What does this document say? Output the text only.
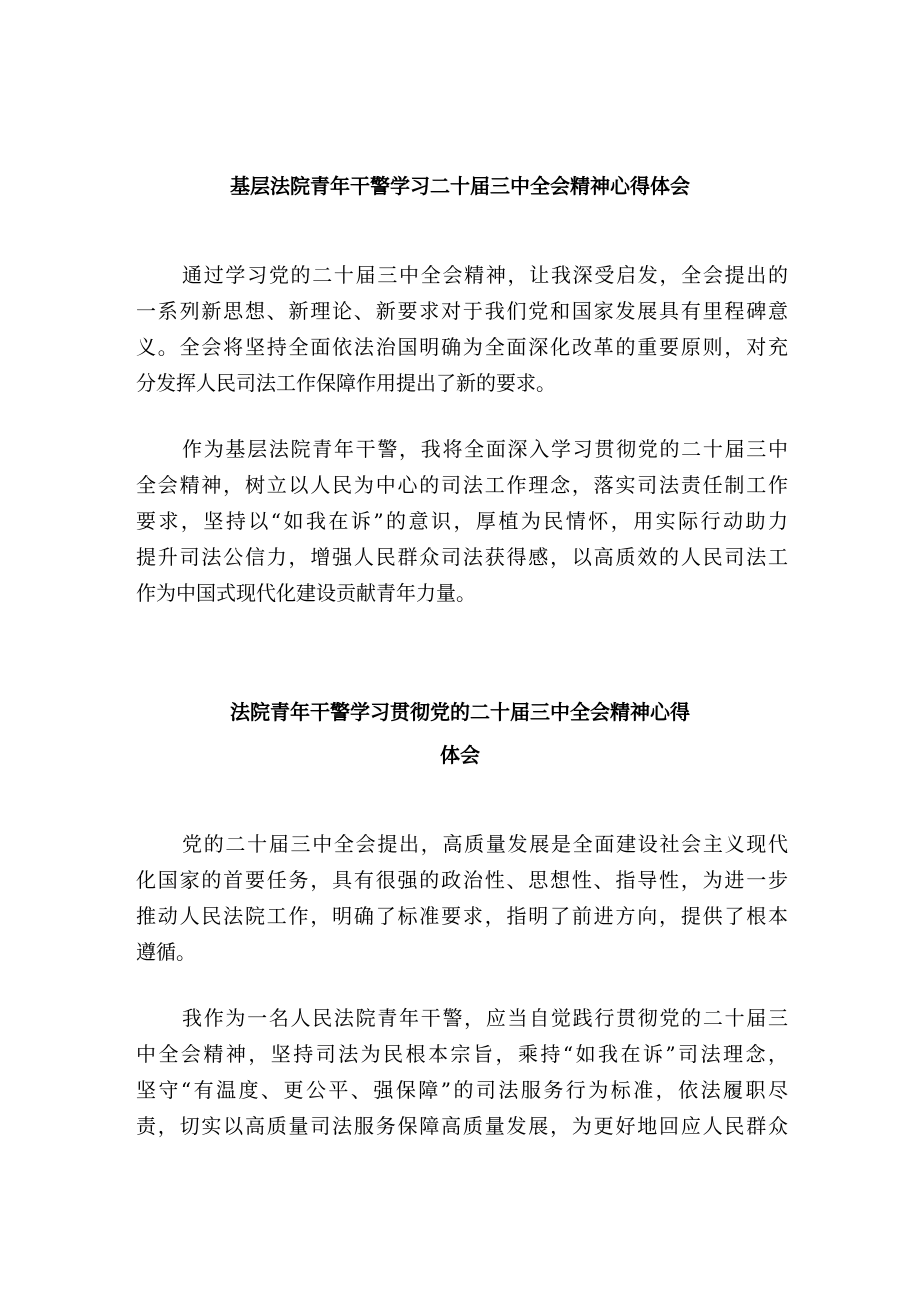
基层法院青年干警学习二十届三中全会精神心得体会
通过学习党的二十届三中全会精神，让我深受启发，全会提出的
一系列新思想、新理论、新要求对于我们党和国家发展具有里程碑意
义。全会将坚持全面依法治国明确为全面深化改革的重要原则，对充
分发挥人民司法工作保障作用提出了新的要求。
作为基层法院青年干警，我将全面深入学习贯彻党的二十届三中
全会精神，树立以人民为中心的司法工作理念，落实司法责任制工作
要求，坚持以“如我在诉”的意识，厚植为民情怀，用实际行动助力
提升司法公信力，增强人民群众司法获得感，以高质效的人民司法工
作为中国式现代化建设贡献青年力量。
法院青年干警学习贯彻党的二十届三中全会精神心得
体会
党的二十届三中全会提出，高质量发展是全面建设社会主义现代
化国家的首要任务，具有很强的政治性、思想性、指导性，为进一步
推动人民法院工作，明确了标准要求，指明了前进方向，提供了根本
遵循。
我作为一名人民法院青年干警，应当自觉践行贯彻党的二十届三
中全会精神，坚持司法为民根本宗旨，乘持“如我在诉”司法理念，
坚守“有温度、更公平、强保障”的司法服务行为标准，依法履职尽
责，切实以高质量司法服务保障高质量发展，为更好地回应人民群众
